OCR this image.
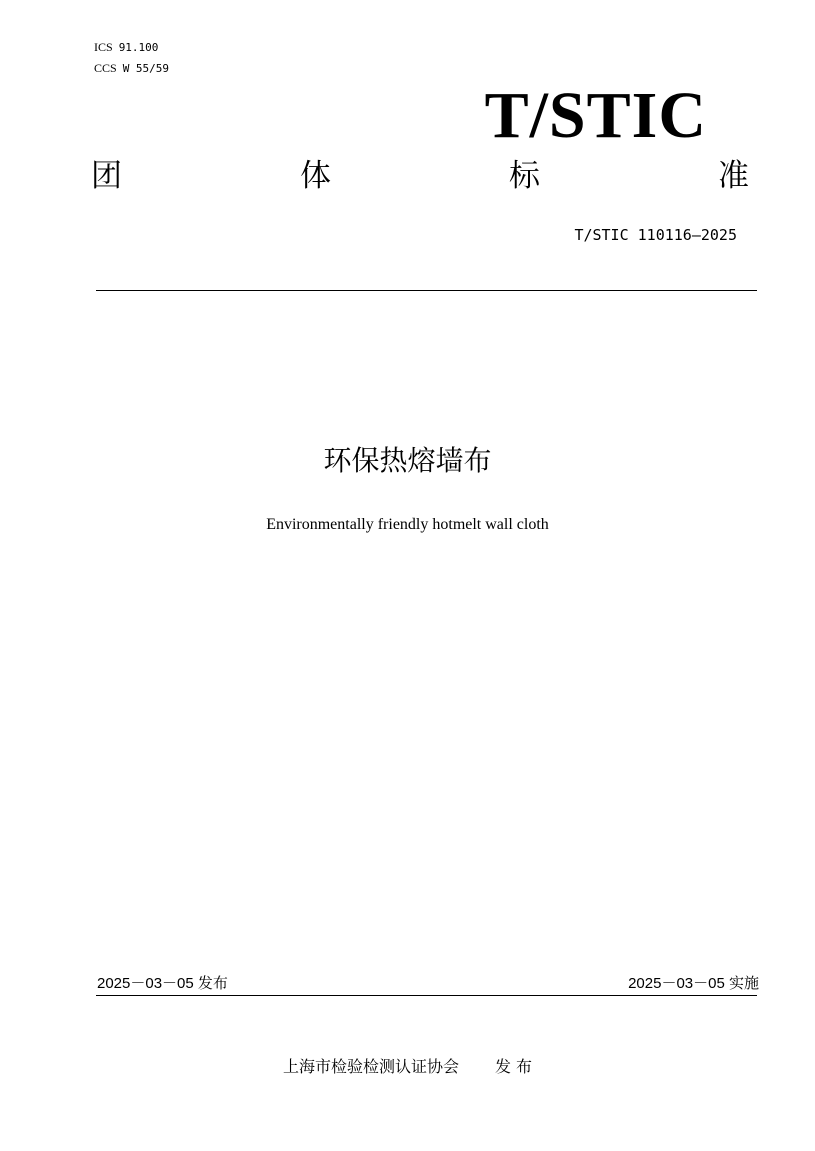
ICS 91.100
CCS W 55/59
T/STIC
团	体	标	准
T/STIC 110116—2025
环保热熔墙布
Environmentally friendly hotmelt wall cloth
2025－03－05 发布	2025－03－05 实施
上海市检验检测认证协会 发 布
